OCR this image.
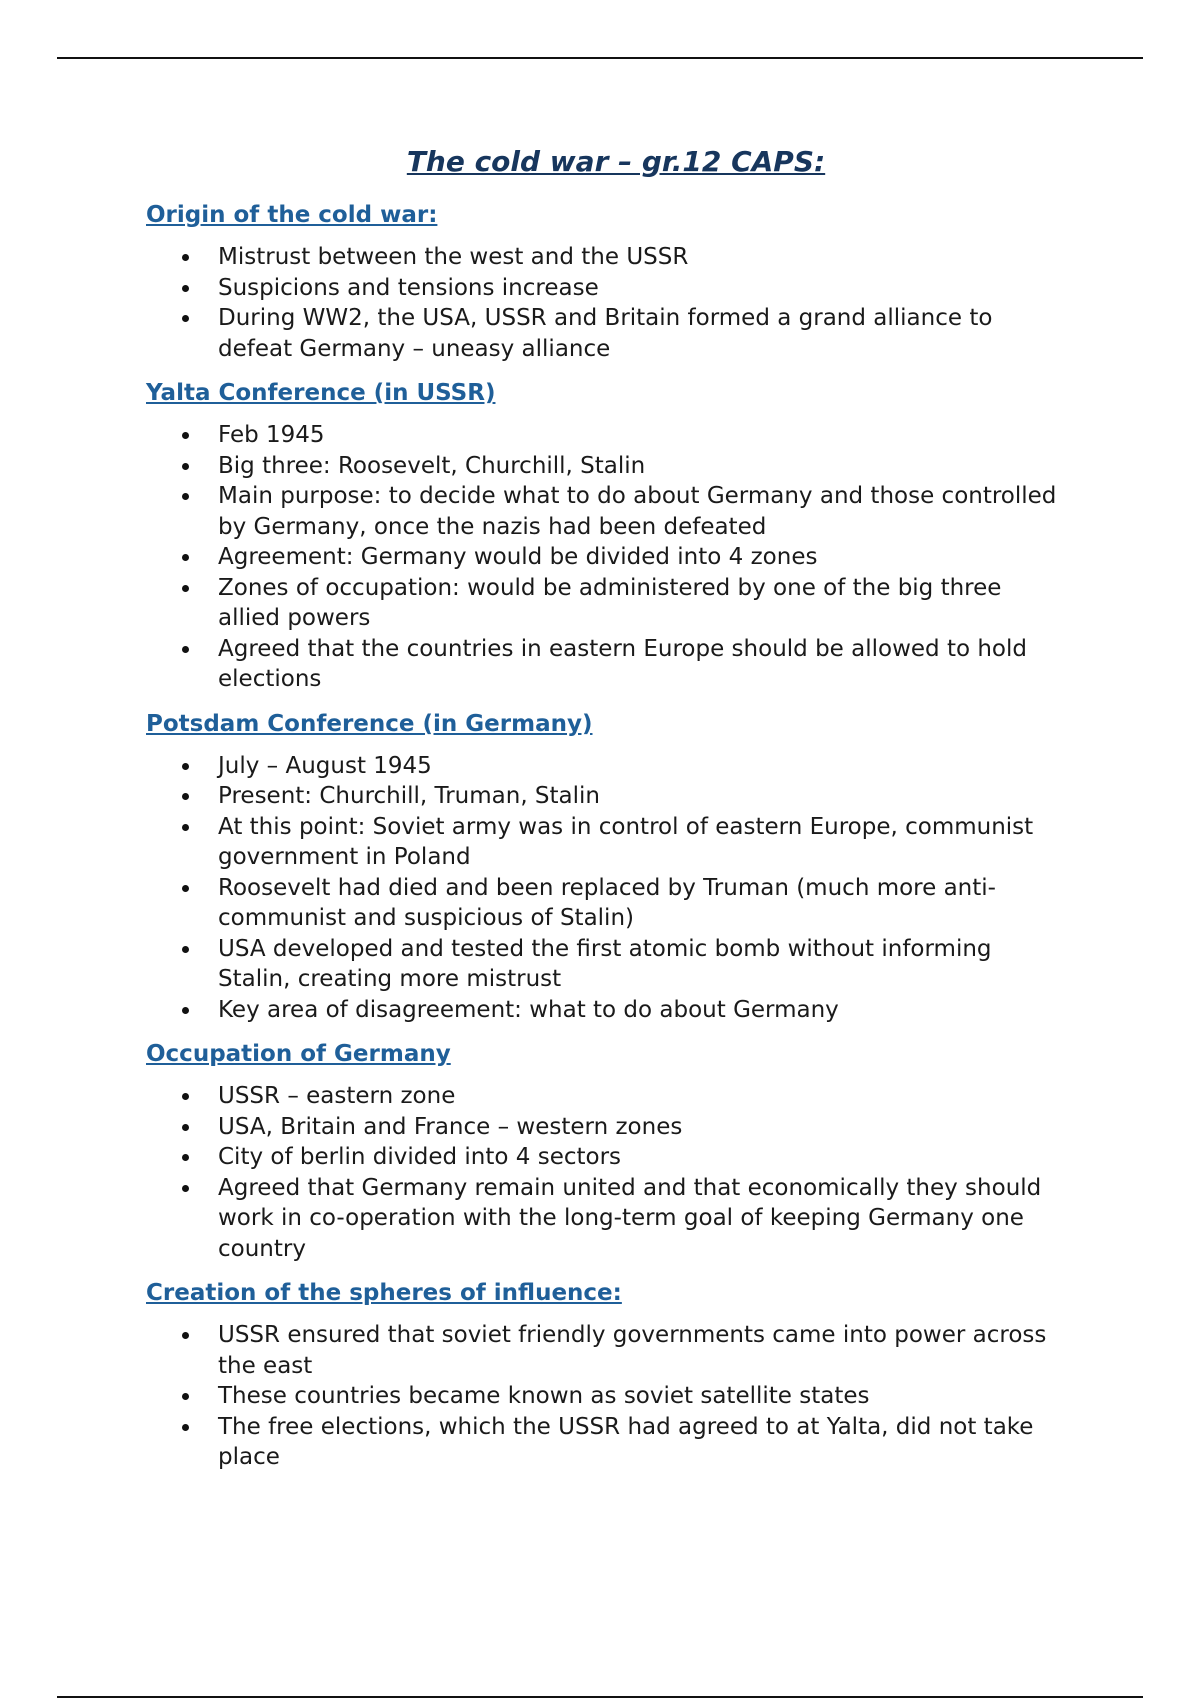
The cold war – gr.12 CAPS:
Origin of the cold war:
Mistrust between the west and the USSR
Suspicions and tensions increase
During WW2, the USA, USSR and Britain formed a grand alliance to defeat Germany – uneasy alliance
Yalta Conference (in USSR)
Feb 1945
Big three: Roosevelt, Churchill, Stalin
Main purpose: to decide what to do about Germany and those controlled by Germany, once the nazis had been defeated
Agreement: Germany would be divided into 4 zones
Zones of occupation: would be administered by one of the big three allied powers
Agreed that the countries in eastern Europe should be allowed to hold elections
Potsdam Conference (in Germany)
July – August 1945
Present: Churchill, Truman, Stalin
At this point: Soviet army was in control of eastern Europe, communist government in Poland
Roosevelt had died and been replaced by Truman (much more anti-communist and suspicious of Stalin)
USA developed and tested the first atomic bomb without informing Stalin, creating more mistrust
Key area of disagreement: what to do about Germany
Occupation of Germany
USSR – eastern zone
USA, Britain and France – western zones
City of berlin divided into 4 sectors
Agreed that Germany remain united and that economically they should work in co-operation with the long-term goal of keeping Germany one country
Creation of the spheres of influence:
USSR ensured that soviet friendly governments came into power across the east
These countries became known as soviet satellite states
The free elections, which the USSR had agreed to at Yalta, did not take place
